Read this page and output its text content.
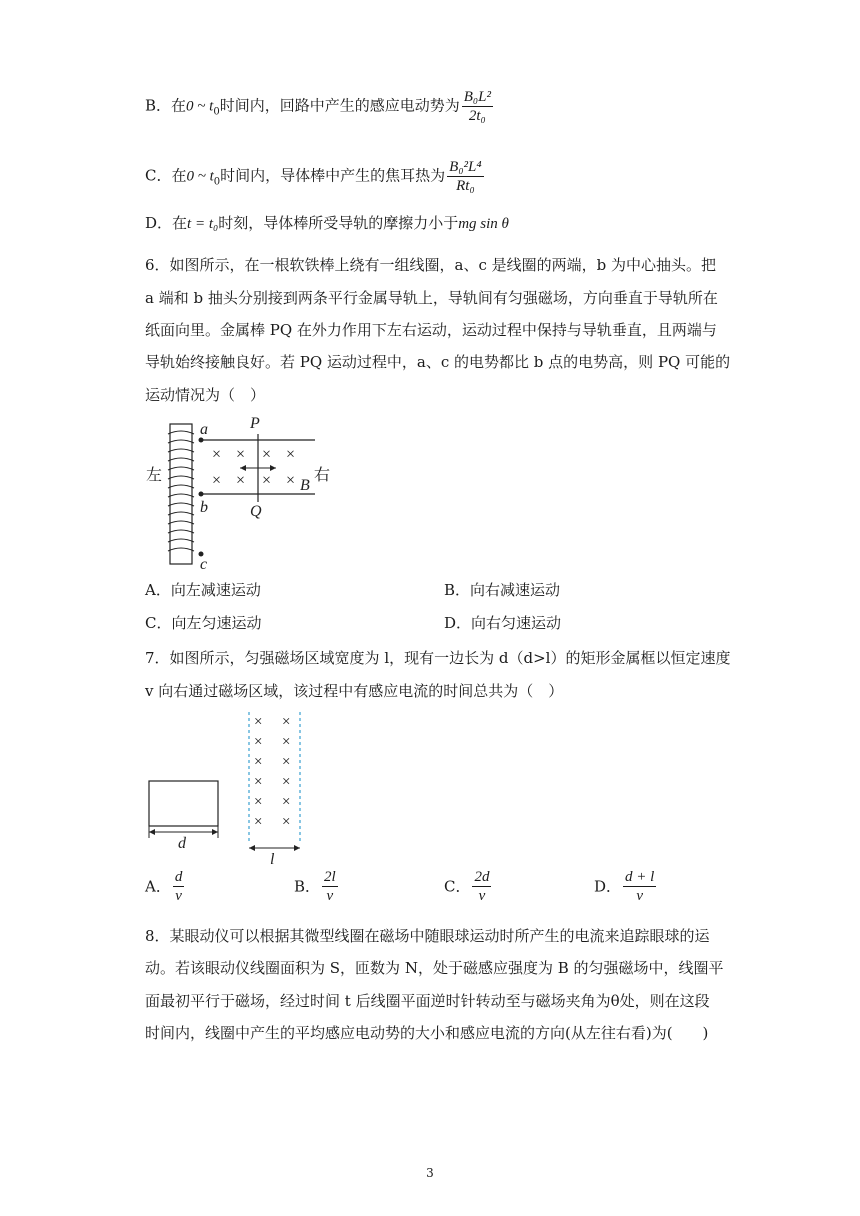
B．在0 ~ $t_0$时间内，回路中产生的感应电动势为 $\frac{\text{B₀L²}}{\text{2t₀}}$
C．在0 ~ $t_0$时间内，导体棒中产生的焦耳热为 $\frac{\text{B₀²L⁴}}{\text{Rt₀}}$
D．在t = t₀时刻，导体棒所受导轨的摩擦力小于mg sin θ
6．如图所示，在一根软铁棒上绕有一组线圈，a、c 是线圈的两端，b 为中心抽头。把
a 端和 b 抽头分别接到两条平行金属导轨上，导轨间有匀强磁场，方向垂直于导轨所在
纸面向里。金属棒 PQ 在外力作用下左右运动，运动过程中保持与导轨垂直，且两端与
导轨始终接触良好。若 PQ 运动过程中，a、c 的电势都比 b 点的电势高，则 PQ 可能的
运动情况为（　）
× × × ×
× × × ×
左	右
a
b
c
P
Q
B
A．向左减速运动	B．向右减速运动
C．向左匀速运动	D．向右匀速运动
7．如图所示，匀强磁场区域宽度为 l，现有一边长为 d（d>l）的矩形金属框以恒定速度
v 向右通过磁场区域，该过程中有感应电流的时间总共为（　）
× ×
× ×
× ×
× ×
× ×
× ×
d
l
A． $\frac{d}{v}$	B． $\frac{2l}{v}$	C． $\frac{2d}{v}$	D． $\frac{d + l}{v}$
8．某眼动仪可以根据其微型线圈在磁场中随眼球运动时所产生的电流来追踪眼球的运
动。若该眼动仪线圈面积为 S，匝数为 N，处于磁感应强度为 B 的匀强磁场中，线圈平
面最初平行于磁场，经过时间 t 后线圈平面逆时针转动至与磁场夹角为θ处，则在这段
时间内，线圈中产生的平均感应电动势的大小和感应电流的方向(从左往右看)为(　　)
3
